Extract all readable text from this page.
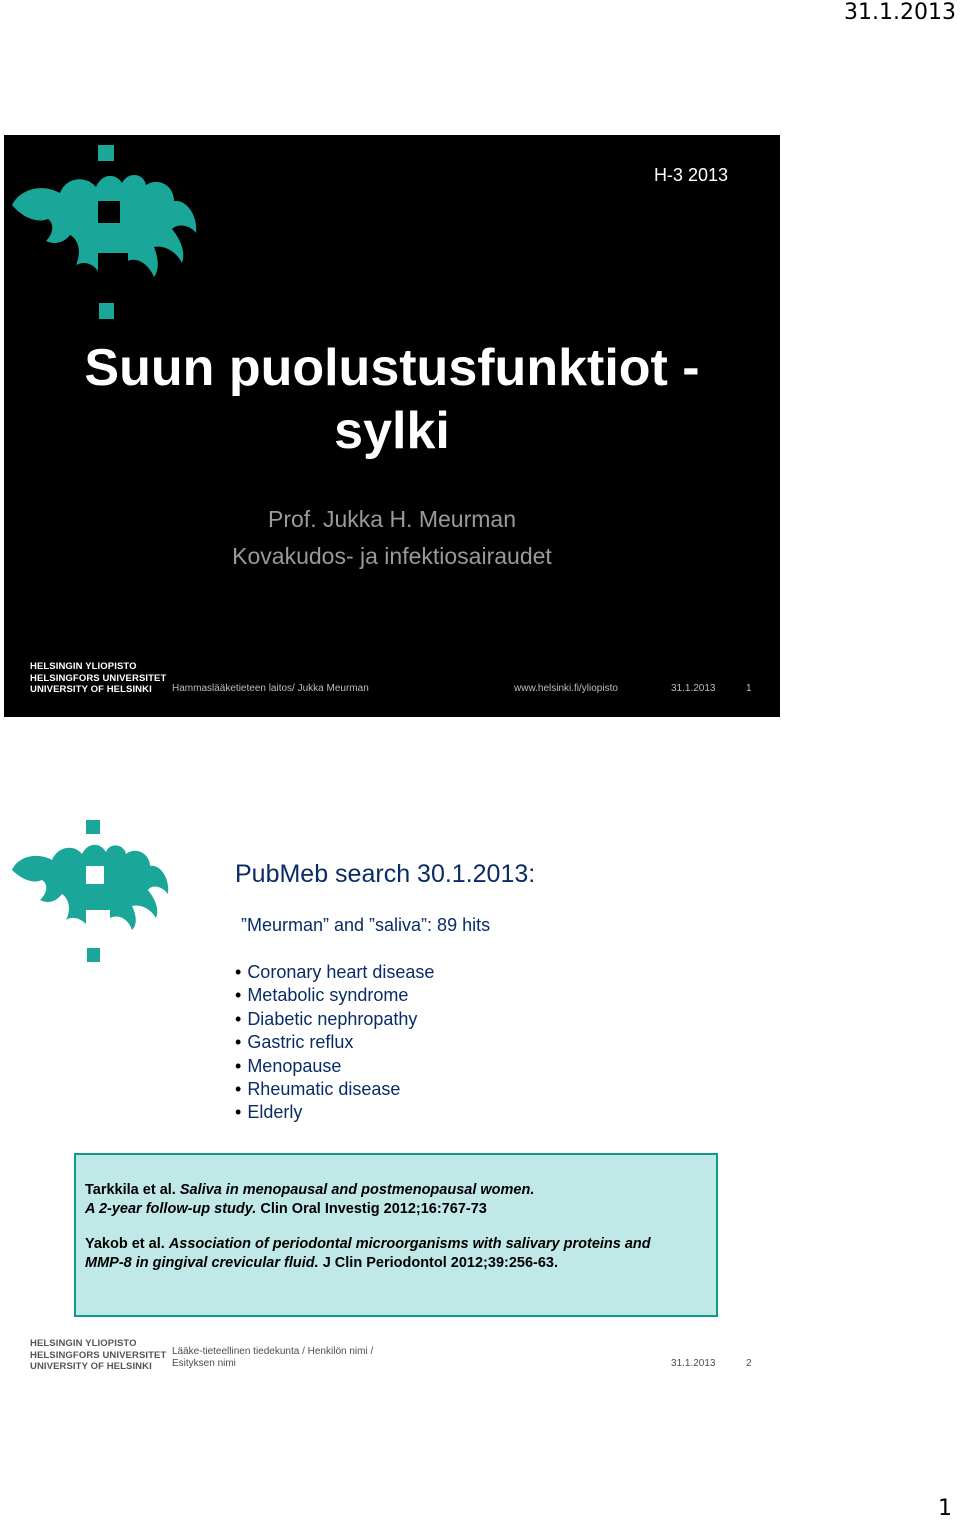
31.1.2013
H-3 2013
Suun puolustusfunktiot -
sylki
Prof. Jukka H. Meurman
Kovakudos- ja infektiosairaudet
HELSINGIN YLIOPISTO
HELSINGFORS UNIVERSITET
UNIVERSITY OF HELSINKI	Hammaslääketieteen laitos/ Jukka Meurman	www.helsinki.fi/yliopisto	31.1.2013	1
PubMeb search 30.1.2013:
”Meurman” and ”saliva”: 89 hits
• Coronary heart disease
• Metabolic syndrome
• Diabetic nephropathy
• Gastric reflux
• Menopause
• Rheumatic disease
• Elderly
Tarkkila et al. Saliva in menopausal and postmenopausal women.
A 2-year follow-up study. Clin Oral Investig 2012;16:767-73
Yakob et al. Association of periodontal microorganisms with salivary proteins and
MMP-8 in gingival crevicular fluid. J Clin Periodontol 2012;39:256-63.
HELSINGIN YLIOPISTO
HELSINGFORS UNIVERSITET
UNIVERSITY OF HELSINKI
Lääke-tieteellinen tiedekunta / Henkilön nimi /
Esityksen nimi	31.1.2013	2
1
